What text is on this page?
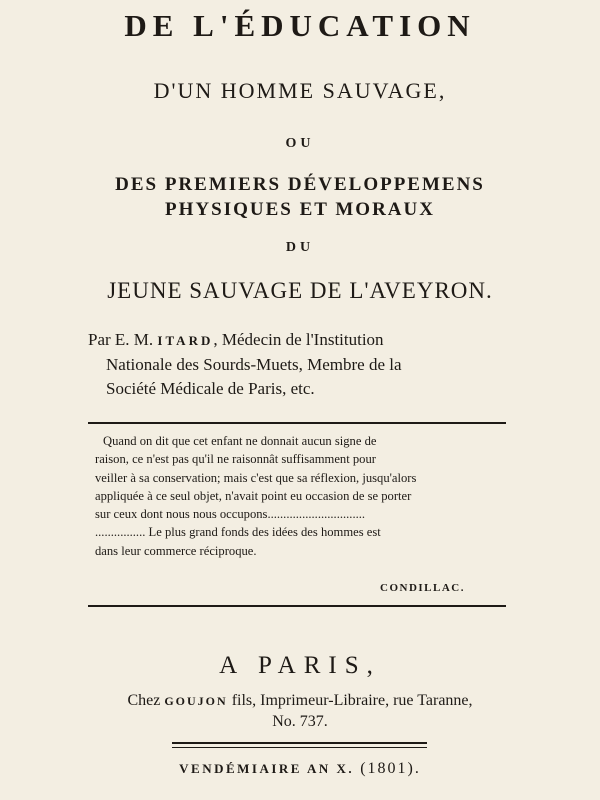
DE L'ÉDUCATION
D'UN HOMME SAUVAGE,
OU
DES PREMIERS DÉVELOPPEMENS
PHYSIQUES ET MORAUX
DU
JEUNE SAUVAGE DE L'AVEYRON.
Par E. M. ITARD, Médecin de l'Institution
Nationale des Sourds-Muets, Membre de la
Société Médicale de Paris, etc.
Quand on dit que cet enfant ne donnait aucun signe de
raison, ce n'est pas qu'il ne raisonnât suffisamment pour
veiller à sa conservation; mais c'est que sa réflexion, jusqu'alors
appliquée à ce seul objet, n'avait point eu occasion de se porter
sur ceux dont nous nous occupons...............................
................ Le plus grand fonds des idées des hommes est
dans leur commerce réciproque.
CONDILLAC.
A PARIS,
Chez GOUJON fils, Imprimeur-Libraire, rue Taranne,
No. 737.
VENDÉMIAIRE AN X. (1801).
